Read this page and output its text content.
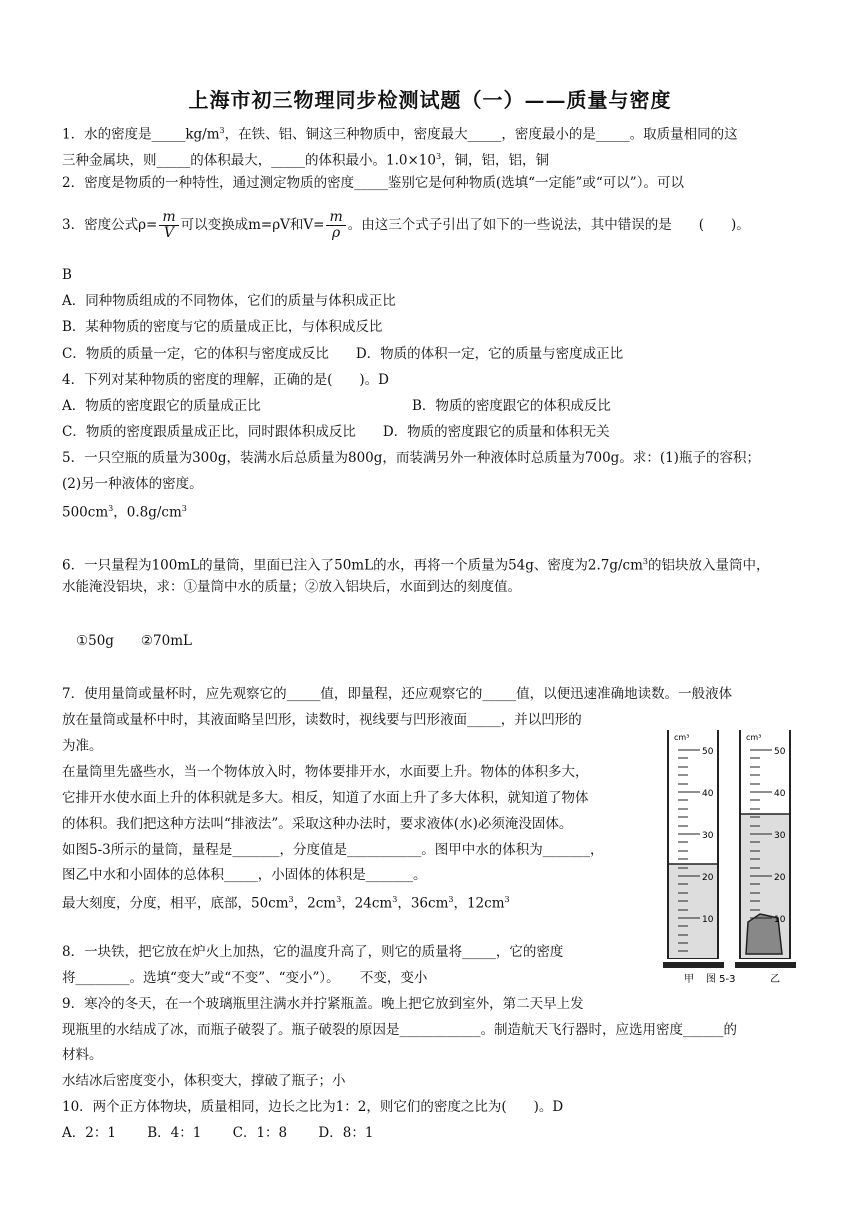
上海市初三物理同步检测试题（一）——质量与密度
1．水的密度是$\_\_\_\_\_kg/m^3$，在铁、铝、铜这三种物质中，密度最大_____，密度最小的是_____。取质量相同的这
三种金属块，则_____的体积最大，_____的体积最小。$1.0\times 10^3$，铜，铝，铝，铜
2．密度是物质的一种特性，通过测定物质的密度_____鉴别它是何种物质(选填“一定能”或“可以”）。可以
3．密度公式$\rho= \frac{m}{V}$ 可以变换成m=ρV和$V= \frac{m}{\rho}$ 。由这三个式子引出了如下的一些说法，其中错误的是　　(　　)。
B
A．同种物质组成的不同物体，它们的质量与体积成正比
B．某种物质的密度与它的质量成正比，与体积成反比
C．物质的质量一定，它的体积与密度成反比　　D．物质的体积一定，它的质量与密度成正比
4．下列对某种物质的密度的理解，正确的是(　　)。D
A．物质的密度跟它的质量成正比	B．物质的密度跟它的体积成反比
C．物质的密度跟质量成正比，同时跟体积成反比　　D．物质的密度跟它的质量和体积无关
5．一只空瓶的质量为300g，装满水后总质量为800g，而装满另外一种液体时总质量为700g。求：(1)瓶子的容积；
(2)另一种液体的密度。
$500cm^3$，$0.8g/cm^3$
6．一只量程为100mL的量筒，里面已注入了50mL的水，再将一个质量为54g、密度为$2.7g/cm^3$的铝块放入量筒中，
水能淹没铝块，求：①量筒中水的质量；②放入铝块后，水面到达的刻度值。
①50g　　②70mL
7．使用量筒或量杯时，应先观察它的_____值，即量程，还应观察它的_____值，以便迅速准确地读数。一般液体
放在量筒或量杯中时，其液面略呈凹形，读数时，视线要与凹形液面_____，并以凹形的
为准。
在量筒里先盛些水，当一个物体放入时，物体要排开水，水面要上升。物体的体积多大，
它排开水使水面上升的体积就是多大。相反，知道了水面上升了多大体积，就知道了物体
的体积。我们把这种方法叫“排液法”。采取这种办法时，要求液体(水)必须淹没固体。
如图5-3所示的量筒，量程是_______，分度值是___________。图甲中水的体积为_______，
图乙中水和小固体的总体积_____，小固体的体积是_______。
最大刻度，分度，相平，底部，$50cm^3$，$2cm^3$，$24cm^3$，$36cm^3$，$12cm^3$
8．一块铁，把它放在炉火上加热，它的温度升高了，则它的质量将_____，它的密度
将________。选填“变大”或“不变”、“变小”）。　　不变，变小
9．寒冷的冬天，在一个玻璃瓶里注满水并拧紧瓶盖。晚上把它放到室外，第二天早上发
现瓶里的水结成了冰，而瓶子破裂了。瓶子破裂的原因是____________。制造航天飞行器时，应选用密度______的
材料。
水结冰后密度变小，体积变大，撑破了瓶子；小
10．两个正方体物块，质量相同，边长之比为1：2，则它们的密度之比为(　　)。D
A．2：1　　 B．4：1　　 C．1：8　　 D．8：1
cm³	cm³
50
40
30
20
10
50
40
30
20
10
甲 图 5-3	乙
